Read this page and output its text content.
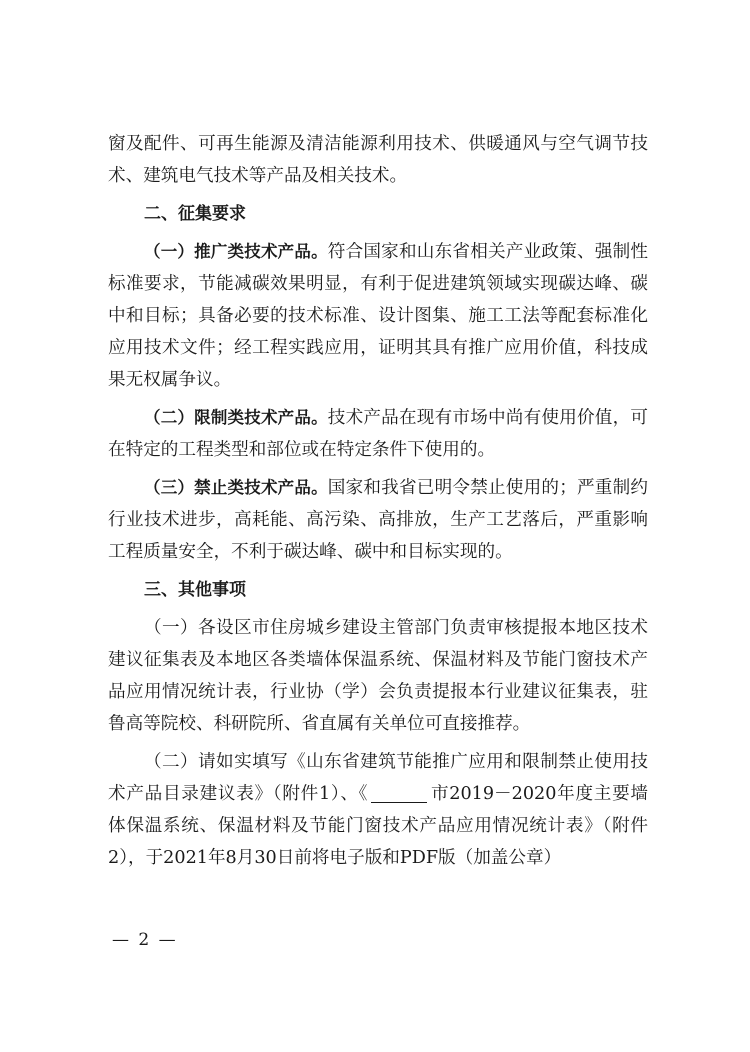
窗及配件、可再生能源及清洁能源利用技术、供暖通风与空气调节技术、建筑电气技术等产品及相关技术。

二、征集要求

（一）推广类技术产品。符合国家和山东省相关产业政策、强制性标准要求，节能减碳效果明显，有利于促进建筑领域实现碳达峰、碳中和目标；具备必要的技术标准、设计图集、施工工法等配套标准化应用技术文件；经工程实践应用，证明其具有推广应用价值，科技成果无权属争议。

（二）限制类技术产品。技术产品在现有市场中尚有使用价值，可在特定的工程类型和部位或在特定条件下使用的。

（三）禁止类技术产品。国家和我省已明令禁止使用的；严重制约行业技术进步，高耗能、高污染、高排放，生产工艺落后，严重影响工程质量安全，不利于碳达峰、碳中和目标实现的。

三、其他事项

（一）各设区市住房城乡建设主管部门负责审核提报本地区技术建议征集表及本地区各类墙体保温系统、保温材料及节能门窗技术产品应用情况统计表，行业协（学）会负责提报本行业建议征集表，驻鲁高等院校、科研院所、省直属有关单位可直接推荐。

（二）请如实填写《山东省建筑节能推广应用和限制禁止使用技术产品目录建议表》（附件1）、《	市2019－2020年度主要墙体保温系统、保温材料及节能门窗技术产品应用情况统计表》（附件2），于2021年8月30日前将电子版和PDF版（加盖公章）

— 2 —
